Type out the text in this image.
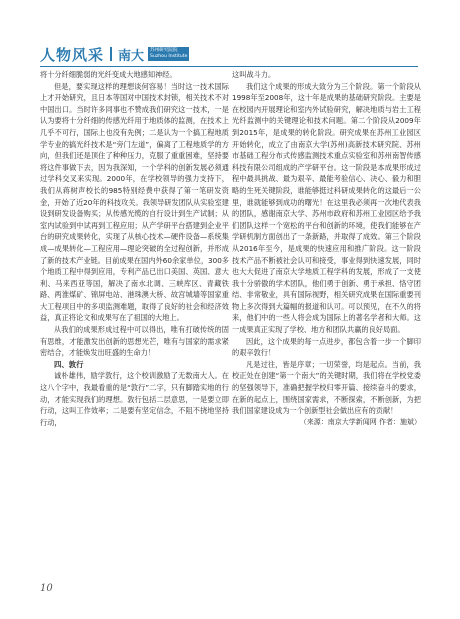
人物风采 南大 苏州研究院院
Suzhou Institute

将十分纤细脆弱的光纤变成大地感知神经。

但是，要实现这样的理想谈何容易！当时这一技术国际上才开始研究，且日本等国对中国技术封锁，相关技术不对中国出口。当时许多同事也不赞成我们研究这一技术，一是认为要将十分纤细的传感光纤用于地质体的监测，在技术上几乎不可行，国际上也没有先例；二是认为一个搞工程地质学专业的搞光纤技术是“旁门左道”，偏离了工程地质学的方向，但我们还是顶住了种种压力，克服了重重困难，坚持要将这件事做下去，因为我深知，一个学科的创新发展必须通过学科交叉来实现。2000年，在学校领导的强力支持下，我们从蒋树声校长的985特别经费中获得了第一笔研发资金，开始了近20年的科技攻关。我领导研发团队从实验室建设到研发设备购买；从传感光缆的自行设计到生产试制；从室内试验到中试再到工程应用；从产学研平台搭建到企业平台的研究成果转化，实现了从核心技术—硬件设备—系统集成—成果转化—工程应用—理论突破的全过程创新，并形成了新的技术产业链。目前成果在国内外60余家单位，300多个地质工程中得到应用，专利产品已出口美国、英国、意大利、马来西亚等国，解决了南水北调、三峡库区、青藏铁路、两淮煤矿、锦屏电站、港珠澳大桥、故宫城墙等国家重大工程项目中的多项监测难题，取得了良好的社会和经济效益，真正将论文和成果写在了祖国的大地上。

从我们的成果形成过程中可以得出，唯有打破传统的固有思维，才能激发出创新的思想光芒，唯有与国家的需求紧密结合，才能焕发出旺盛的生命力！

四、敦行

诚朴雄伟，励学敦行，这个校训激励了无数南大人。在这八个字中，我最看重的是“敦行”二字，只有脚踏实地的行动，才能实现我们的理想。敦行包括二层意思，一是要立即行动，这叫工作效率；二是要有坚定信念，不阻不挠地坚持行动，

这叫战斗力。

我们这个成果的形成大致分为三个阶段。第一个阶段从1998年至2008年，这十年是成果的基础研究阶段。主要是在校园内开展理论和室内外试验研究，解决地质与岩土工程光纤监测中的关键理论和技术问题。第二个阶段从2009年到2015年，是成果的转化阶段。研究成果在苏州工业园区开始转化，成立了由南京大学(苏州)高新技术研究院、苏州市基础工程分布式传感监测技术重点实验室和苏州南智传感科技有限公司组成的产学研平台。这一阶段是本成果形成过程中最具挑战、最为艰辛、最能考验信心、决心、毅力和胆略的生死关键阶段，谁能够挺过科研成果转化的这最后一公里，谁就能够到成功的曙光！在这里我必须再一次地代表我的团队，感谢南京大学、苏州市政府和苏州工业园区给予我们团队这样一个宽松的平台和创新的环境，使我们能够在产学研机制方面创出了一条新路，并取得了成效。第三个阶段从2016年至今，是成果的快速应用和推广阶段。这一阶段技术产品不断被社会认可和接受，事业得到快速发展，同时也大大促进了南京大学地质工程学科的发展，形成了一支使我十分骄傲的学术团队，他们勇于创新、勇于承担、恪守团结、非常敬业，具有国际视野，相关研究成果在国际重要刊物上多次得到大篇幅的报道和认可。可以预见，在不久的将来，他们中的一些人将会成为国际上的著名学者和大师。这一成果真正实现了学校、地方和团队共赢的良好局面。

因此，这个成果的每一点进步，都包含着一步一个脚印的艰辛敦行！

凡是过往，皆是序章；一切荣誉，均是起点。当前，我校正处在创建“第一个南大”的关键时期，我们将在学校党委的坚强领导下，准确把握学校归零开篇、接续奋斗的要求，在新的起点上，围绕国家需求，不断探索，不断创新，为把我们国家建设成为一个创新型社会做出应有的贡献！

（来源：南京大学新闻网 作者：施斌）

10
